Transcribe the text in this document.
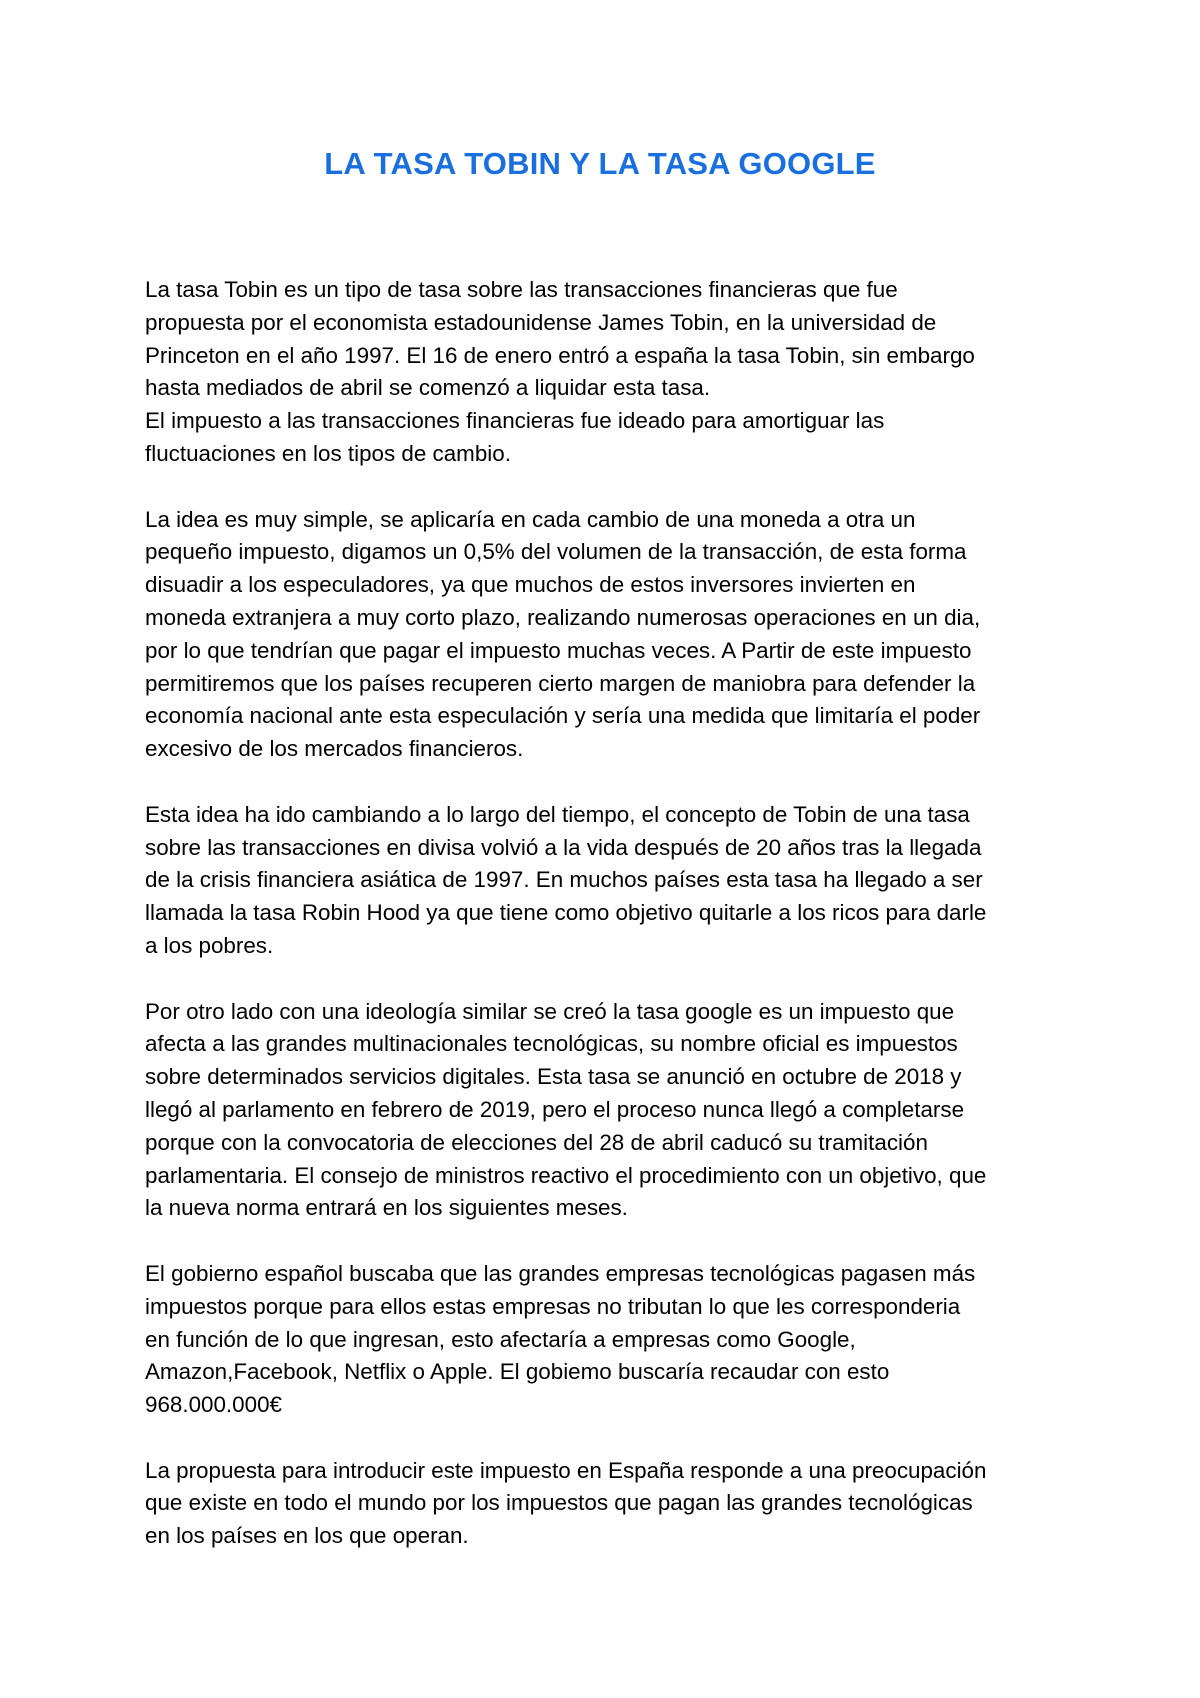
LA TASA TOBIN Y LA TASA GOOGLE

La tasa Tobin es un tipo de tasa sobre las transacciones financieras que fue
propuesta por el economista estadounidense James Tobin, en la universidad de
Princeton en el año 1997. El 16 de enero entró a españa la tasa Tobin, sin embargo
hasta mediados de abril se comenzó a liquidar esta tasa.
El impuesto a las transacciones financieras fue ideado para amortiguar las
fluctuaciones en los tipos de cambio.

La idea es muy simple, se aplicaría en cada cambio de una moneda a otra un
pequeño impuesto, digamos un 0,5% del volumen de la transacción, de esta forma
disuadir a los especuladores, ya que muchos de estos inversores invierten en
moneda extranjera a muy corto plazo, realizando numerosas operaciones en un dia,
por lo que tendrían que pagar el impuesto muchas veces. A Partir de este impuesto
permitiremos que los países recuperen cierto margen de maniobra para defender la
economía nacional ante esta especulación y sería una medida que limitaría el poder
excesivo de los mercados financieros.

Esta idea ha ido cambiando a lo largo del tiempo, el concepto de Tobin de una tasa
sobre las transacciones en divisa volvió a la vida después de 20 años tras la llegada
de la crisis financiera asiática de 1997. En muchos países esta tasa ha llegado a ser
llamada la tasa Robin Hood ya que tiene como objetivo quitarle a los ricos para darle
a los pobres.

Por otro lado con una ideología similar se creó la tasa google es un impuesto que
afecta a las grandes multinacionales tecnológicas, su nombre oficial es impuestos
sobre determinados servicios digitales. Esta tasa se anunció en octubre de 2018 y
llegó al parlamento en febrero de 2019, pero el proceso nunca llegó a completarse
porque con la convocatoria de elecciones del 28 de abril caducó su tramitación
parlamentaria. El consejo de ministros reactivo el procedimiento con un objetivo, que
la nueva norma entrará en los siguientes meses.

El gobierno español buscaba que las grandes empresas tecnológicas pagasen más
impuestos porque para ellos estas empresas no tributan lo que les corresponderia
en función de lo que ingresan, esto afectaría a empresas como Google,
Amazon,Facebook, Netflix o Apple. El gobiemo buscaría recaudar con esto
968.000.000€

La propuesta para introducir este impuesto en España responde a una preocupación
que existe en todo el mundo por los impuestos que pagan las grandes tecnológicas
en los países en los que operan.
